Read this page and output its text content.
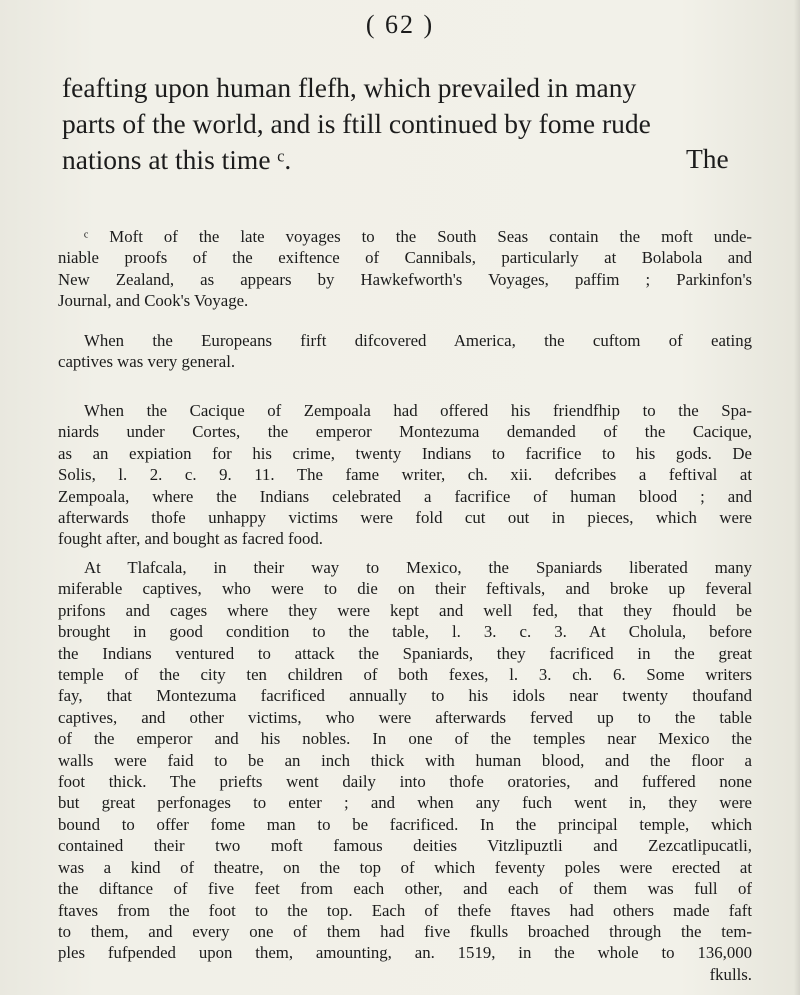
( 62 )
feafting upon human flefh, which prevailed in many
parts of the world, and is ftill continued by fome rude
nations at this time ᶜ.	The
ᶜ Moft of the late voyages to the South Seas contain the moft unde-
niable proofs of the exiftence of Cannibals, particularly at Bolabola and
New Zealand, as appears by Hawkefworth's Voyages, paffim ; Parkinfon's
Journal, and Cook's Voyage.
When the Europeans firft difcovered America, the cuftom of eating
captives was very general.
When the Cacique of Zempoala had offered his friendfhip to the Spa-
niards under Cortes, the emperor Montezuma demanded of the Cacique,
as an expiation for his crime, twenty Indians to facrifice to his gods. De
Solis, l. 2. c. 9. 11. The fame writer, ch. xii. defcribes a feftival at
Zempoala, where the Indians celebrated a facrifice of human blood ; and
afterwards thofe unhappy victims were fold cut out in pieces, which were
fought after, and bought as facred food.
At Tlafcala, in their way to Mexico, the Spaniards liberated many
miferable captives, who were to die on their feftivals, and broke up feveral
prifons and cages where they were kept and well fed, that they fhould be
brought in good condition to the table, l. 3. c. 3. At Cholula, before
the Indians ventured to attack the Spaniards, they facrificed in the great
temple of the city ten children of both fexes, l. 3. ch. 6. Some writers
fay, that Montezuma facrificed annually to his idols near twenty thoufand
captives, and other victims, who were afterwards ferved up to the table
of the emperor and his nobles. In one of the temples near Mexico the
walls were faid to be an inch thick with human blood, and the floor a
foot thick. The priefts went daily into thofe oratories, and fuffered none
but great perfonages to enter ; and when any fuch went in, they were
bound to offer fome man to be facrificed. In the principal temple, which
contained their two moft famous deities Vitzlipuztli and Zezcatlipucatli,
was a kind of theatre, on the top of which feventy poles were erected at
the diftance of five feet from each other, and each of them was full of
ftaves from the foot to the top. Each of thefe ftaves had others made faft
to them, and every one of them had five fkulls broached through the tem-
ples fufpended upon them, amounting, an. 1519, in the whole to 136,000
fkulls.
